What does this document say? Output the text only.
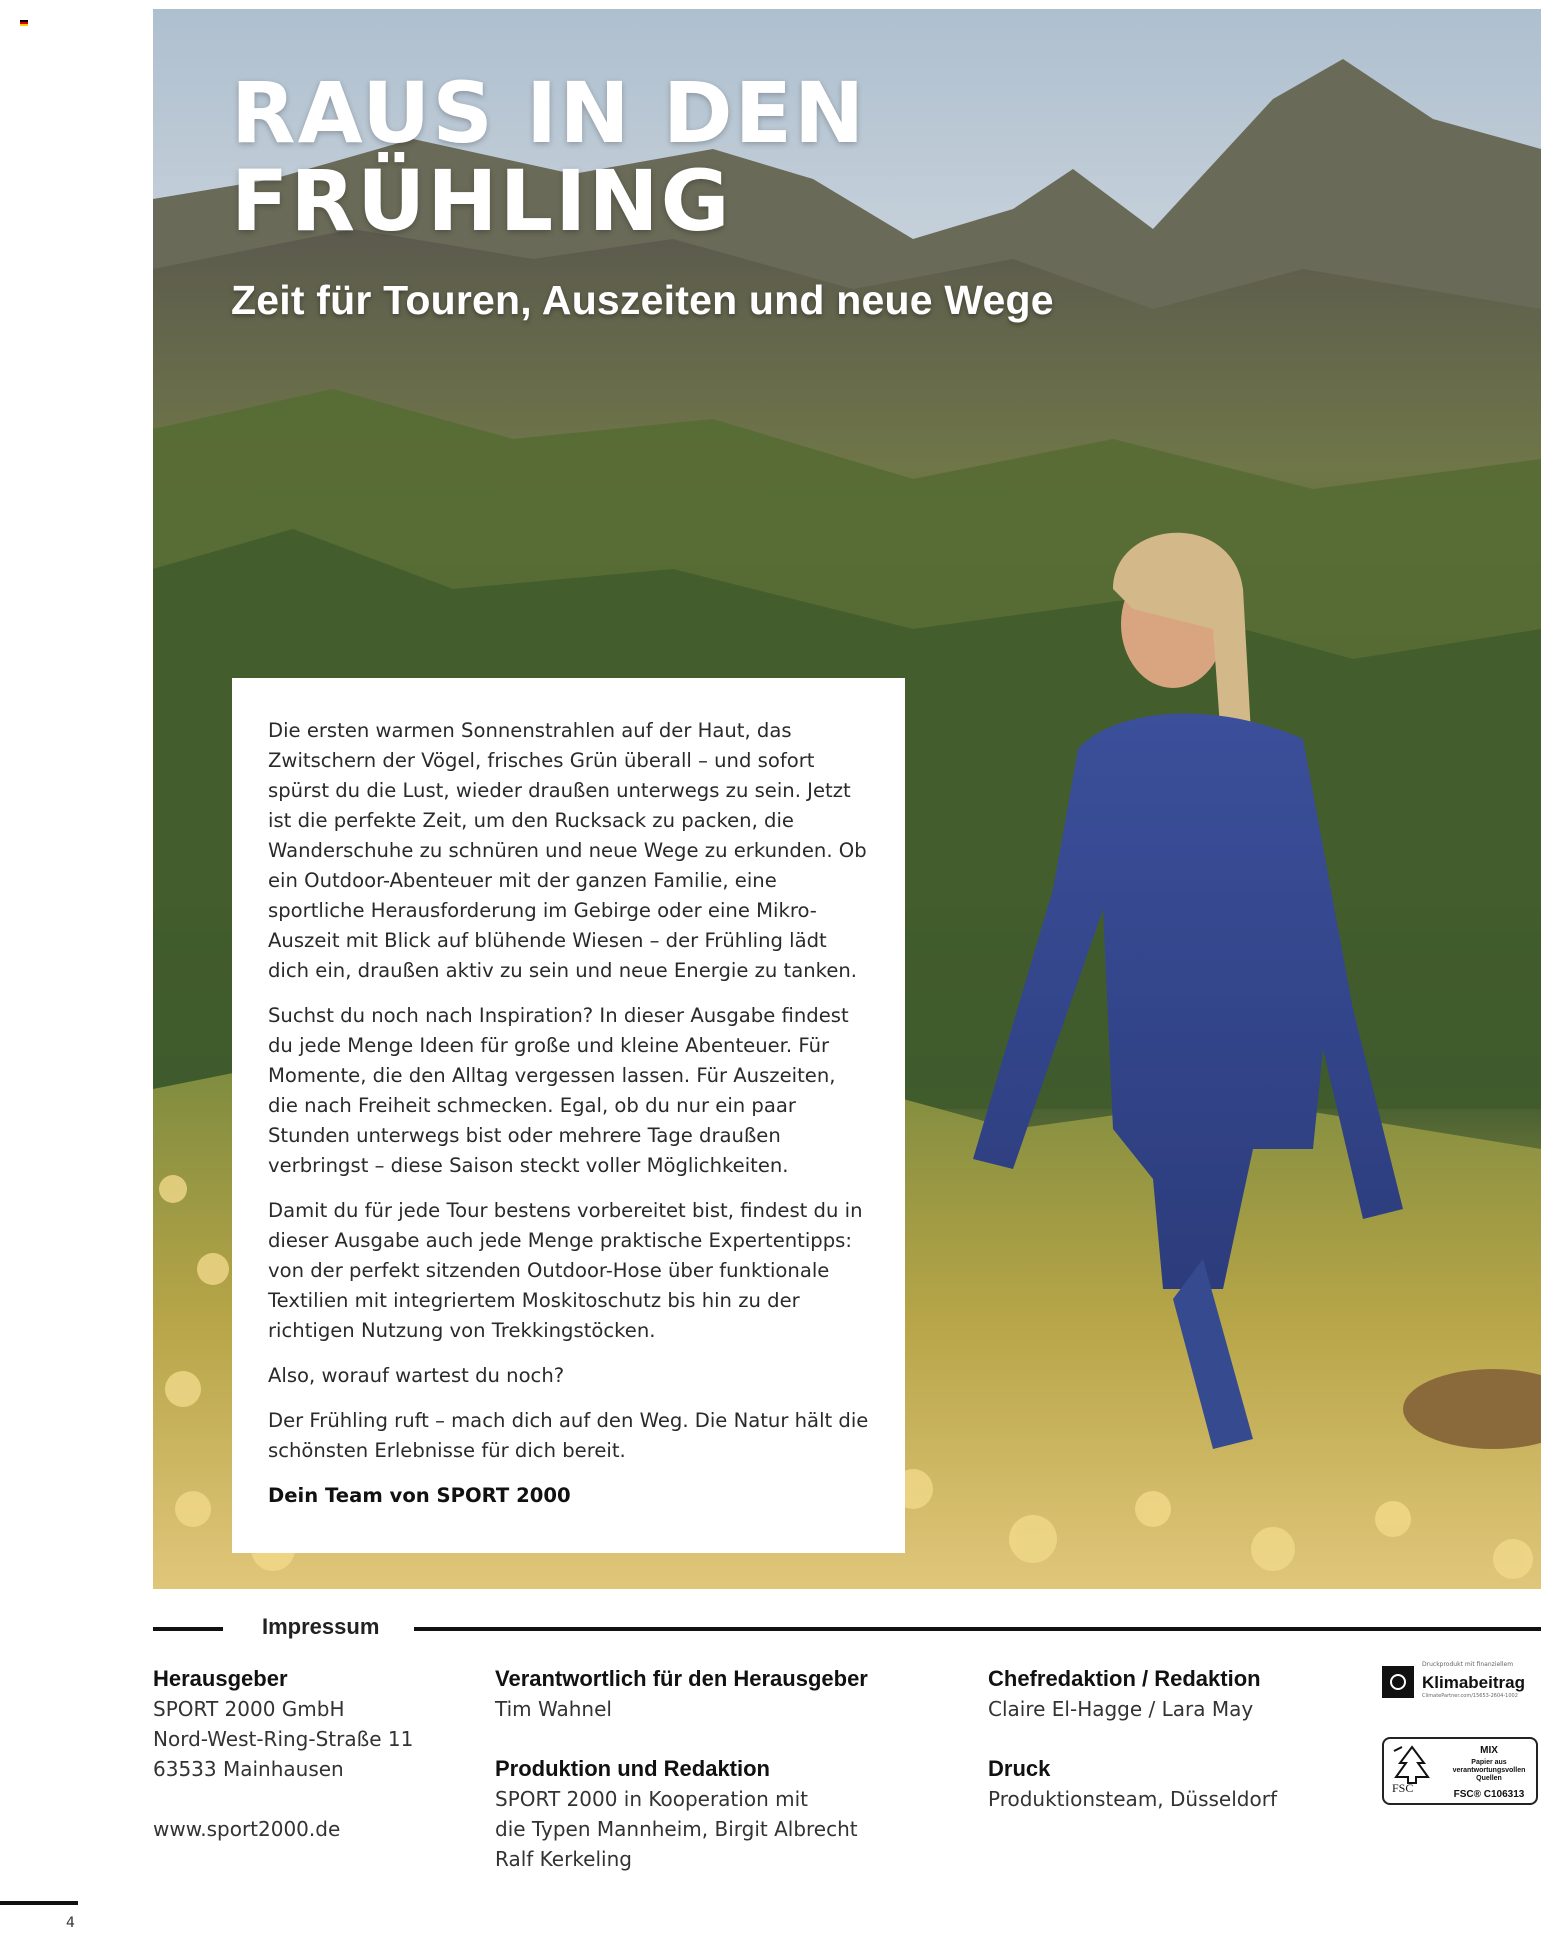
RAUS IN DEN
FRÜHLING
Zeit für Touren, Auszeiten und neue Wege

Die ersten warmen Sonnenstrahlen auf der Haut, das Zwitschern der Vögel, frisches Grün überall – und sofort spürst du die Lust, wieder draußen unterwegs zu sein. Jetzt ist die perfekte Zeit, um den Rucksack zu packen, die Wanderschuhe zu schnüren und neue Wege zu erkunden. Ob ein Outdoor-Abenteuer mit der ganzen Familie, eine sportliche Herausforderung im Gebirge oder eine Mikro-Auszeit mit Blick auf blühende Wiesen – der Frühling lädt dich ein, draußen aktiv zu sein und neue Energie zu tanken.

Suchst du noch nach Inspiration? In dieser Ausgabe findest du jede Menge Ideen für große und kleine Abenteuer. Für Momente, die den Alltag vergessen lassen. Für Auszeiten, die nach Freiheit schmecken. Egal, ob du nur ein paar Stunden unterwegs bist oder mehrere Tage draußen verbringst – diese Saison steckt voller Möglichkeiten.

Damit du für jede Tour bestens vorbereitet bist, findest du in dieser Ausgabe auch jede Menge praktische Expertentipps: von der perfekt sitzenden Outdoor-Hose über funktionale Textilien mit integriertem Moskitoschutz bis hin zu der richtigen Nutzung von Trekkingstöcken.

Also, worauf wartest du noch?

Der Frühling ruft – mach dich auf den Weg. Die Natur hält die schönsten Erlebnisse für dich bereit.

Dein Team von SPORT 2000

Impressum
Herausgeber
SPORT 2000 GmbH
Nord-West-Ring-Straße 11
63533 Mainhausen
www.sport2000.de
Verantwortlich für den Herausgeber
Tim Wahnel
Produktion und Redaktion
SPORT 2000 in Kooperation mit
die Typen Mannheim, Birgit Albrecht
Ralf Kerkeling
Chefredaktion / Redaktion
Claire El-Hagge / Lara May
Druck
Produktionsteam, Düsseldorf
Druckprodukt mit finanziellem
Klimabeitrag
ClimatePartner.com/15653-2604-1002
FSC
MIX
Papier aus verantwortungsvollen Quellen
FSC® C106313
4
